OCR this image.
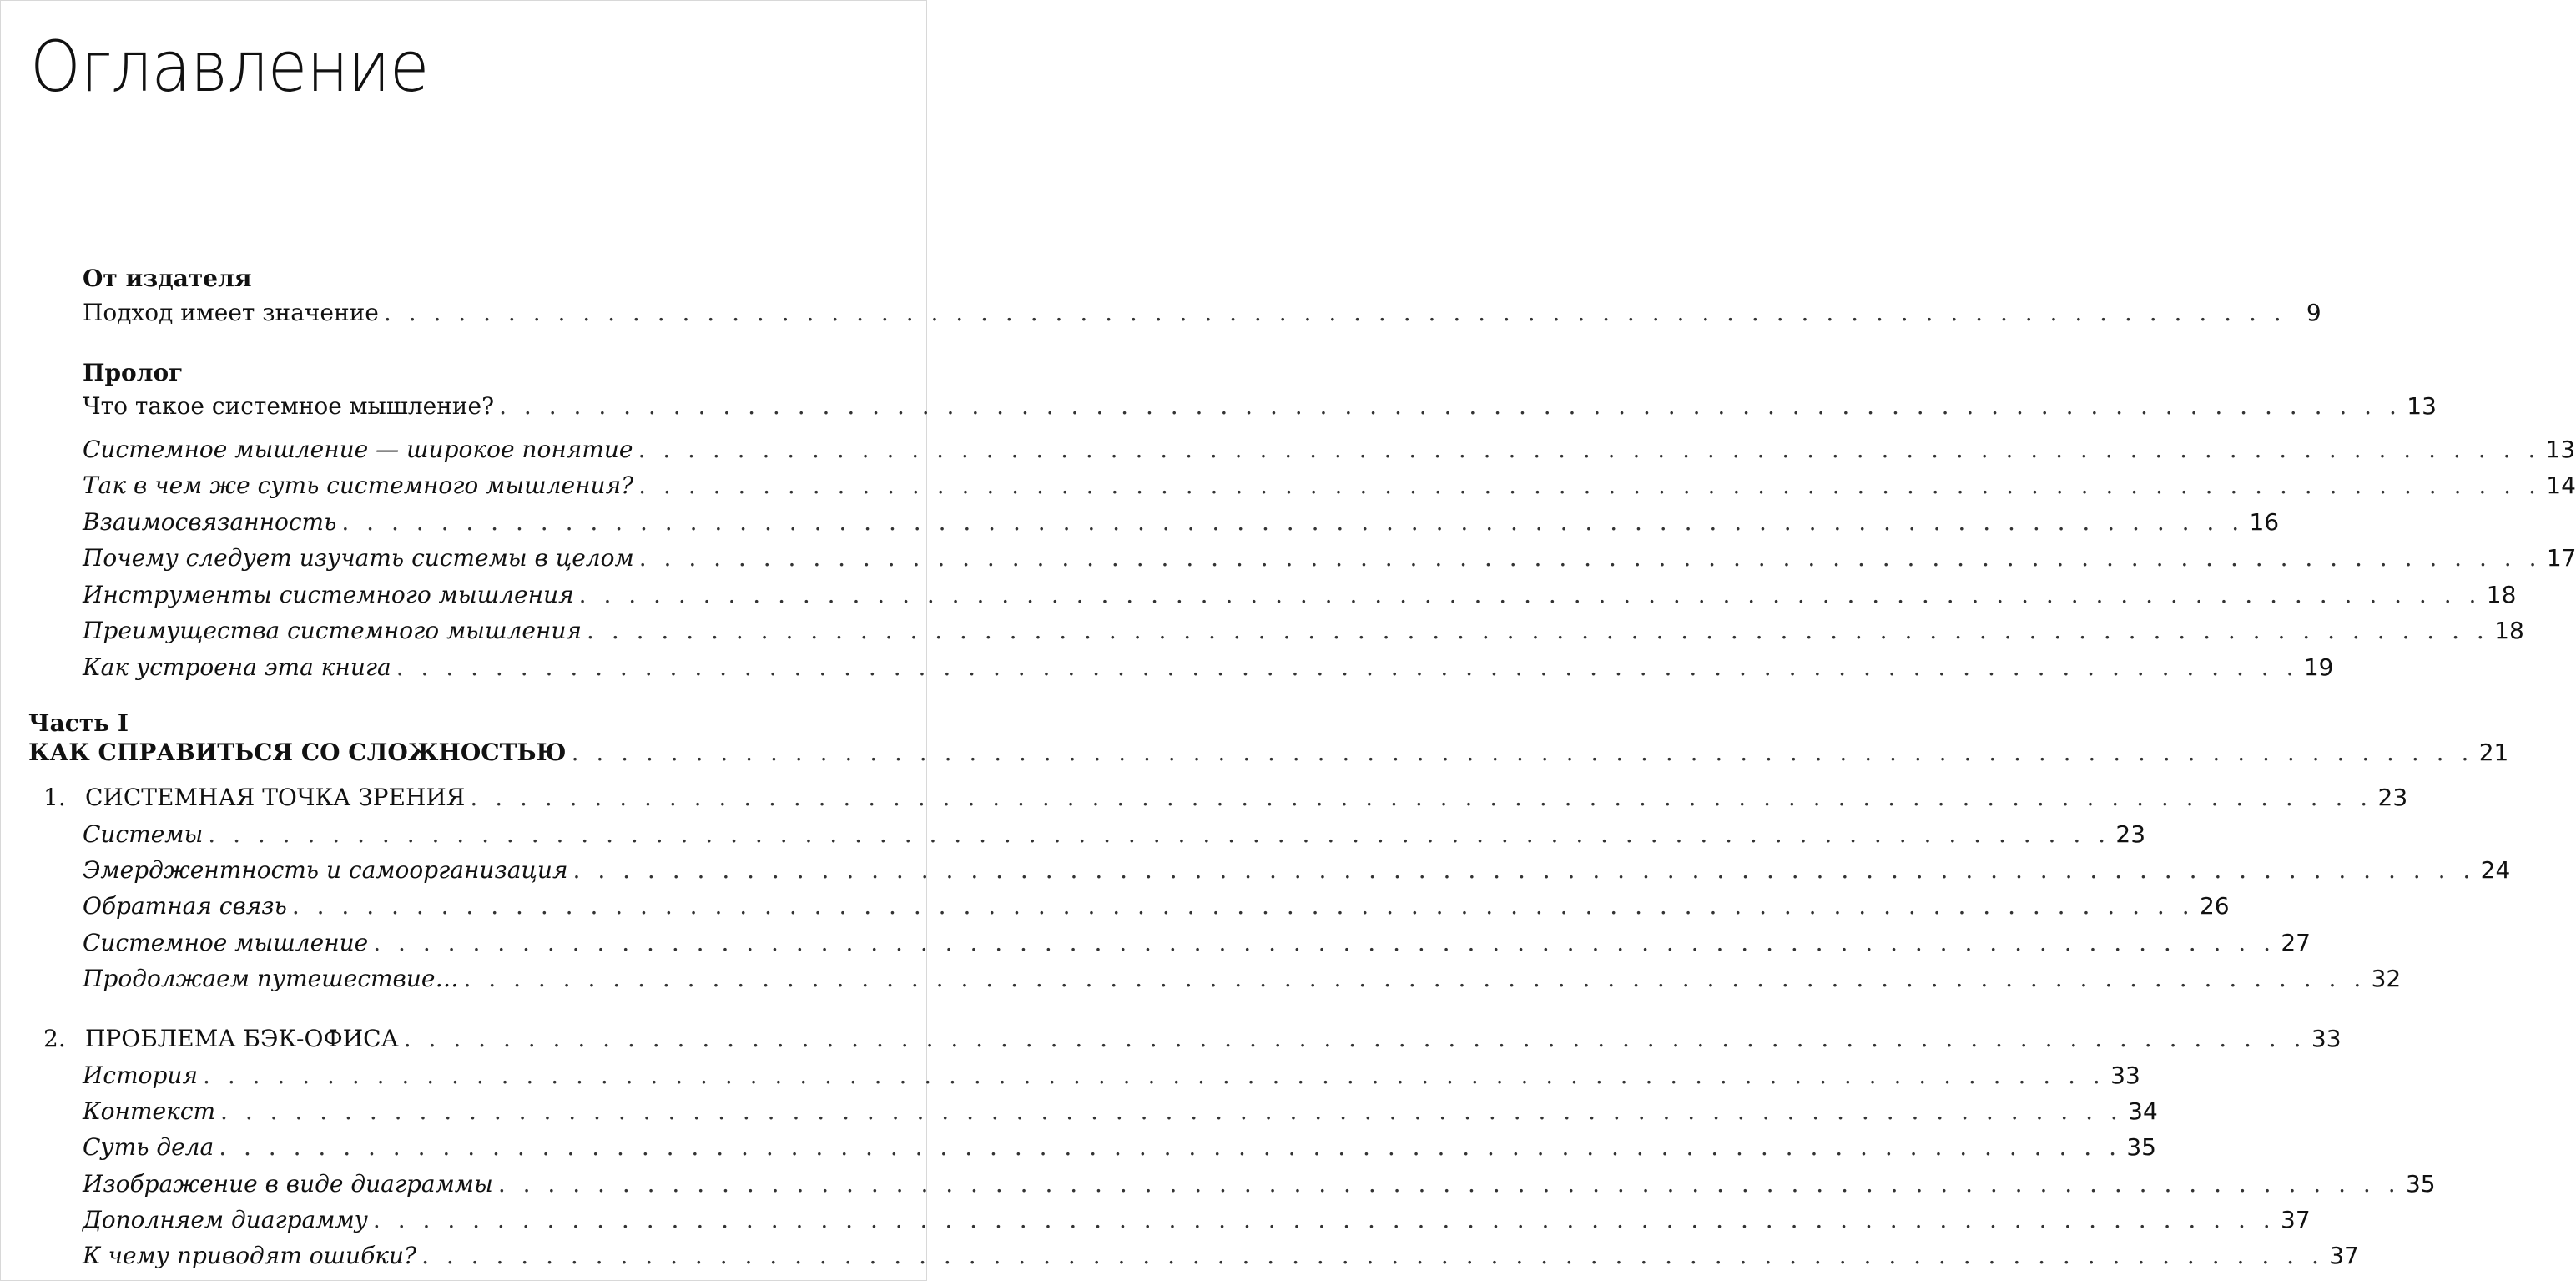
Оглавление
От издателя
Подход имеет значение . . . . . . . . . . . . . . . . . . . . . . . . . . . . . . . . . . . . . . . . . . . . . . . . . . . . . . . . . . . . . . . . . . . . . . . . . . . . . 9
Пролог
Что такое системное мышление? . . . . . . . . . . . . . . . . . . . . . . . . . . . . . . . . . . . . . . . . . . . . . . . . . . . . . . . . . . . . . . . . . . . . . . . . . . . . . 13
Системное мышление — широкое понятие . . . . . . . . . . . . . . . . . . . . . . . . . . . . . . . . . . . . . . . . . . . . . . . . . . . . . . . . . . . . . . . . . . . . . . . . . . . . . 13
Так в чем же суть системного мышления? . . . . . . . . . . . . . . . . . . . . . . . . . . . . . . . . . . . . . . . . . . . . . . . . . . . . . . . . . . . . . . . . . . . . . . . . . . . . . 14
Взаимосвязанность . . . . . . . . . . . . . . . . . . . . . . . . . . . . . . . . . . . . . . . . . . . . . . . . . . . . . . . . . . . . . . . . . . . . . . . . . . . . . 16
Почему следует изучать системы в целом . . . . . . . . . . . . . . . . . . . . . . . . . . . . . . . . . . . . . . . . . . . . . . . . . . . . . . . . . . . . . . . . . . . . . . . . . . . . . 17
Инструменты системного мышления . . . . . . . . . . . . . . . . . . . . . . . . . . . . . . . . . . . . . . . . . . . . . . . . . . . . . . . . . . . . . . . . . . . . . . . . . . . . . 18
Преимущества системного мышления . . . . . . . . . . . . . . . . . . . . . . . . . . . . . . . . . . . . . . . . . . . . . . . . . . . . . . . . . . . . . . . . . . . . . . . . . . . . . 18
Как устроена эта книга . . . . . . . . . . . . . . . . . . . . . . . . . . . . . . . . . . . . . . . . . . . . . . . . . . . . . . . . . . . . . . . . . . . . . . . . . . . . . 19
Часть I
КАК СПРАВИТЬСЯ СО СЛОЖНОСТЬЮ . . . . . . . . . . . . . . . . . . . . . . . . . . . . . . . . . . . . . . . . . . . . . . . . . . . . . . . . . . . . . . . . . . . . . . . . . . . . . 21
1. СИСТЕМНАЯ ТОЧКА ЗРЕНИЯ . . . . . . . . . . . . . . . . . . . . . . . . . . . . . . . . . . . . . . . . . . . . . . . . . . . . . . . . . . . . . . . . . . . . . . . . . . . . . 23
Системы . . . . . . . . . . . . . . . . . . . . . . . . . . . . . . . . . . . . . . . . . . . . . . . . . . . . . . . . . . . . . . . . . . . . . . . . . . . . . 23
Эмерджентность и самоорганизация . . . . . . . . . . . . . . . . . . . . . . . . . . . . . . . . . . . . . . . . . . . . . . . . . . . . . . . . . . . . . . . . . . . . . . . . . . . . . 24
Обратная связь . . . . . . . . . . . . . . . . . . . . . . . . . . . . . . . . . . . . . . . . . . . . . . . . . . . . . . . . . . . . . . . . . . . . . . . . . . . . . 26
Системное мышление . . . . . . . . . . . . . . . . . . . . . . . . . . . . . . . . . . . . . . . . . . . . . . . . . . . . . . . . . . . . . . . . . . . . . . . . . . . . . 27
Продолжаем путешествие… . . . . . . . . . . . . . . . . . . . . . . . . . . . . . . . . . . . . . . . . . . . . . . . . . . . . . . . . . . . . . . . . . . . . . . . . . . . . . 32
2. ПРОБЛЕМА БЭК-ОФИСА . . . . . . . . . . . . . . . . . . . . . . . . . . . . . . . . . . . . . . . . . . . . . . . . . . . . . . . . . . . . . . . . . . . . . . . . . . . . . 33
История . . . . . . . . . . . . . . . . . . . . . . . . . . . . . . . . . . . . . . . . . . . . . . . . . . . . . . . . . . . . . . . . . . . . . . . . . . . . . 33
Контекст . . . . . . . . . . . . . . . . . . . . . . . . . . . . . . . . . . . . . . . . . . . . . . . . . . . . . . . . . . . . . . . . . . . . . . . . . . . . . 34
Суть дела . . . . . . . . . . . . . . . . . . . . . . . . . . . . . . . . . . . . . . . . . . . . . . . . . . . . . . . . . . . . . . . . . . . . . . . . . . . . . 35
Изображение в виде диаграммы . . . . . . . . . . . . . . . . . . . . . . . . . . . . . . . . . . . . . . . . . . . . . . . . . . . . . . . . . . . . . . . . . . . . . . . . . . . . . 35
Дополняем диаграмму . . . . . . . . . . . . . . . . . . . . . . . . . . . . . . . . . . . . . . . . . . . . . . . . . . . . . . . . . . . . . . . . . . . . . . . . . . . . . 37
К чему приводят ошибки? . . . . . . . . . . . . . . . . . . . . . . . . . . . . . . . . . . . . . . . . . . . . . . . . . . . . . . . . . . . . . . . . . . . . . . . . . . . . . 37
